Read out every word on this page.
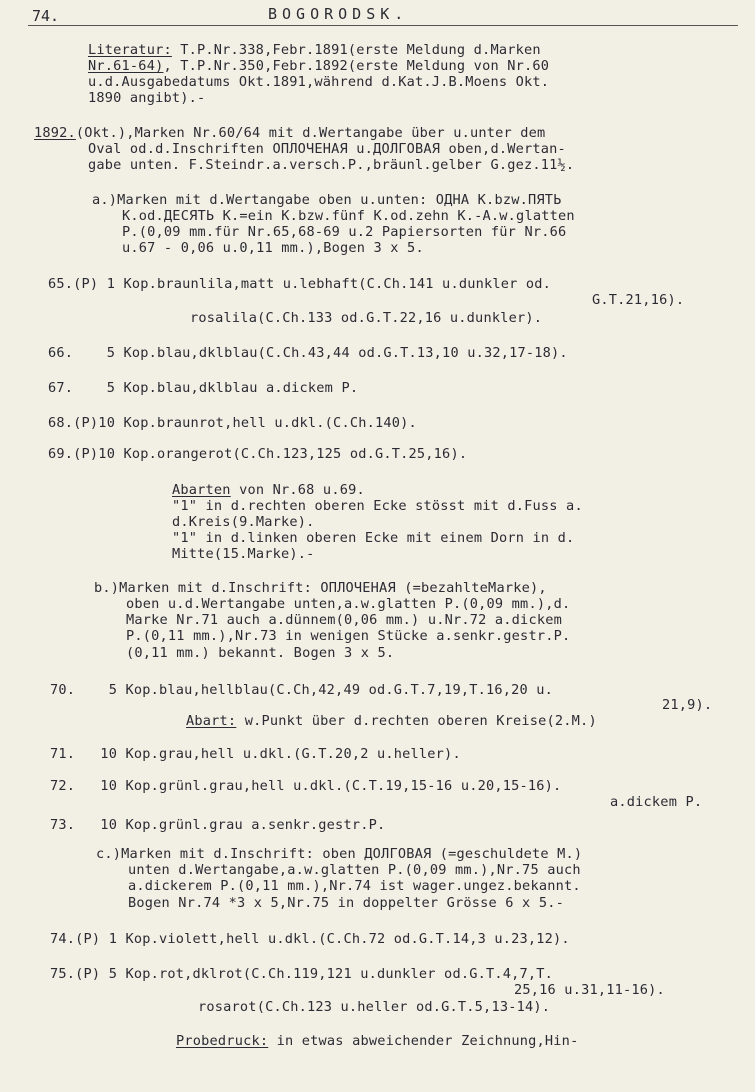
74.	BOGORODSK.
Literatur: T.P.Nr.338,Febr.1891(erste Meldung d.Marken
Nr.61-64), T.P.Nr.350,Febr.1892(erste Meldung von Nr.60
u.d.Ausgabedatums Okt.1891,während d.Kat.J.B.Moens Okt.
1890 angibt).-
1892.(Okt.),Marken Nr.60/64 mit d.Wertangabe über u.unter dem
Oval od.d.Inschriften ОПЛОЧЕНАЯ u.ДОЛГОВАЯ oben,d.Wertan-
gabe unten. F.Steindr.a.versch.P.,bräunl.gelber G.gez.11½.
a.)Marken mit d.Wertangabe oben u.unten: ОДНА К.bzw.ПЯТЬ
К.od.ДЕСЯТЬ К.=ein K.bzw.fünf K.od.zehn K.-A.w.glatten
P.(0,09 mm.für Nr.65,68-69 u.2 Papiersorten für Nr.66
u.67 - 0,06 u.0,11 mm.),Bogen 3 x 5.
65.(P) 1 Kop.braunlila,matt u.lebhaft(C.Ch.141 u.dunkler od.
G.T.21,16).
rosalila(C.Ch.133 od.G.T.22,16 u.dunkler).
66.    5 Kop.blau,dklblau(C.Ch.43,44 od.G.T.13,10 u.32,17-18).
67.    5 Kop.blau,dklblau a.dickem P.
68.(P)10 Kop.braunrot,hell u.dkl.(C.Ch.140).
69.(P)10 Kop.orangerot(C.Ch.123,125 od.G.T.25,16).
Abarten von Nr.68 u.69.
"1" in d.rechten oberen Ecke stösst mit d.Fuss a.
d.Kreis(9.Marke).
"1" in d.linken oberen Ecke mit einem Dorn in d.
Mitte(15.Marke).-
b.)Marken mit d.Inschrift: ОПЛОЧЕНАЯ (=bezahlteMarke),
oben u.d.Wertangabe unten,a.w.glatten P.(0,09 mm.),d.
Marke Nr.71 auch a.dünnem(0,06 mm.) u.Nr.72 a.dickem
P.(0,11 mm.),Nr.73 in wenigen Stücke a.senkr.gestr.P.
(0,11 mm.) bekannt. Bogen 3 x 5.
70.    5 Kop.blau,hellblau(C.Ch,42,49 od.G.T.7,19,T.16,20 u.
21,9).
Abart: w.Punkt über d.rechten oberen Kreise(2.M.)
71.   10 Kop.grau,hell u.dkl.(G.T.20,2 u.heller).
72.   10 Kop.grünl.grau,hell u.dkl.(C.T.19,15-16 u.20,15-16).
a.dickem P.
73.   10 Kop.grünl.grau a.senkr.gestr.P.
c.)Marken mit d.Inschrift: oben ДОЛГОВАЯ (=geschuldete M.)
unten d.Wertangabe,a.w.glatten P.(0,09 mm.),Nr.75 auch
a.dickerem P.(0,11 mm.),Nr.74 ist wager.ungez.bekannt.
Bogen Nr.74 *3 x 5,Nr.75 in doppelter Grösse 6 x 5.-
74.(P) 1 Kop.violett,hell u.dkl.(C.Ch.72 od.G.T.14,3 u.23,12).
75.(P) 5 Kop.rot,dklrot(C.Ch.119,121 u.dunkler od.G.T.4,7,T.
25,16 u.31,11-16).
rosarot(C.Ch.123 u.heller od.G.T.5,13-14).
Probedruck: in etwas abweichender Zeichnung,Hin-
